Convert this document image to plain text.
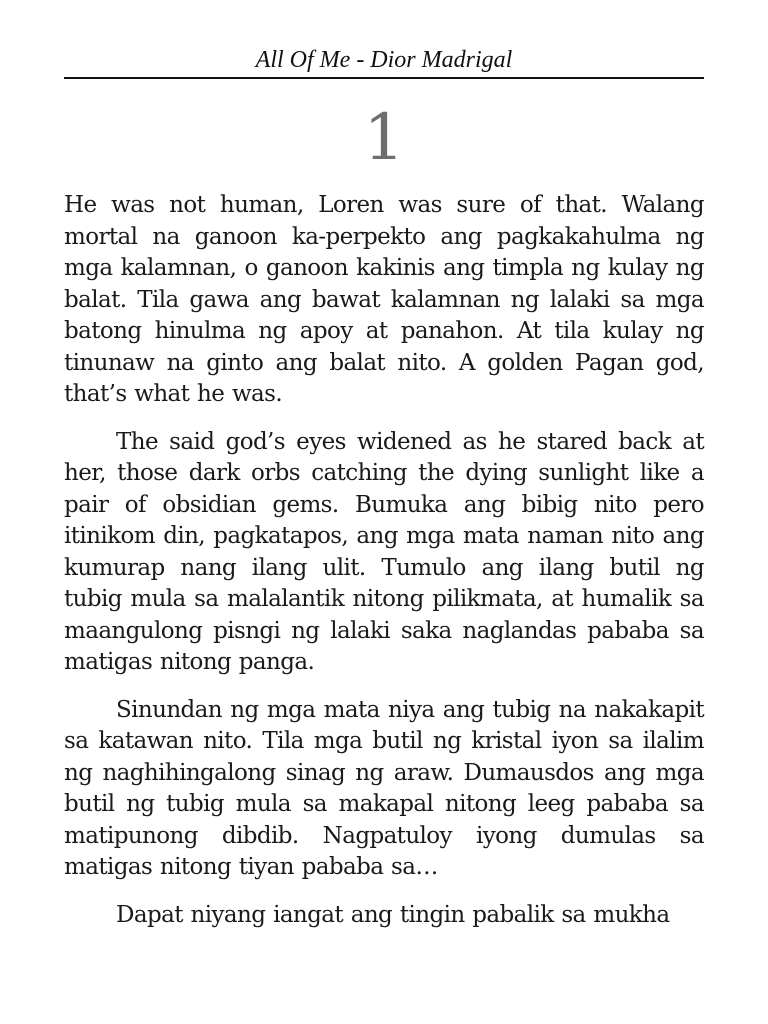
All Of Me - Dior Madrigal
1

He was not human, Loren was sure of that. Walang mortal na ganoon ka-perpekto ang pagkakahulma ng mga kalamnan, o ganoon kakinis ang timpla ng kulay ng balat. Tila gawa ang bawat kalamnan ng lalaki sa mga batong hinulma ng apoy at panahon. At tila kulay ng tinunaw na ginto ang balat nito. A golden Pagan god, that’s what he was.

The said god’s eyes widened as he stared back at her, those dark orbs catching the dying sunlight like a pair of obsidian gems. Bumuka ang bibig nito pero itinikom din, pagkatapos, ang mga mata naman nito ang kumurap nang ilang ulit. Tumulo ang ilang butil ng tubig mula sa malalantik nitong pilikmata, at humalik sa maangulong pisngi ng lalaki saka naglandas pababa sa matigas nitong panga.

Sinundan ng mga mata niya ang tubig na nakakapit sa katawan nito. Tila mga butil ng kristal iyon sa ilalim ng naghihingalong sinag ng araw. Dumausdos ang mga butil ng tubig mula sa makapal nitong leeg pababa sa matipunong dibdib. Nagpatuloy iyong dumulas sa matigas nitong tiyan pababa sa…

Dapat niyang iangat ang tingin pabalik sa mukha
